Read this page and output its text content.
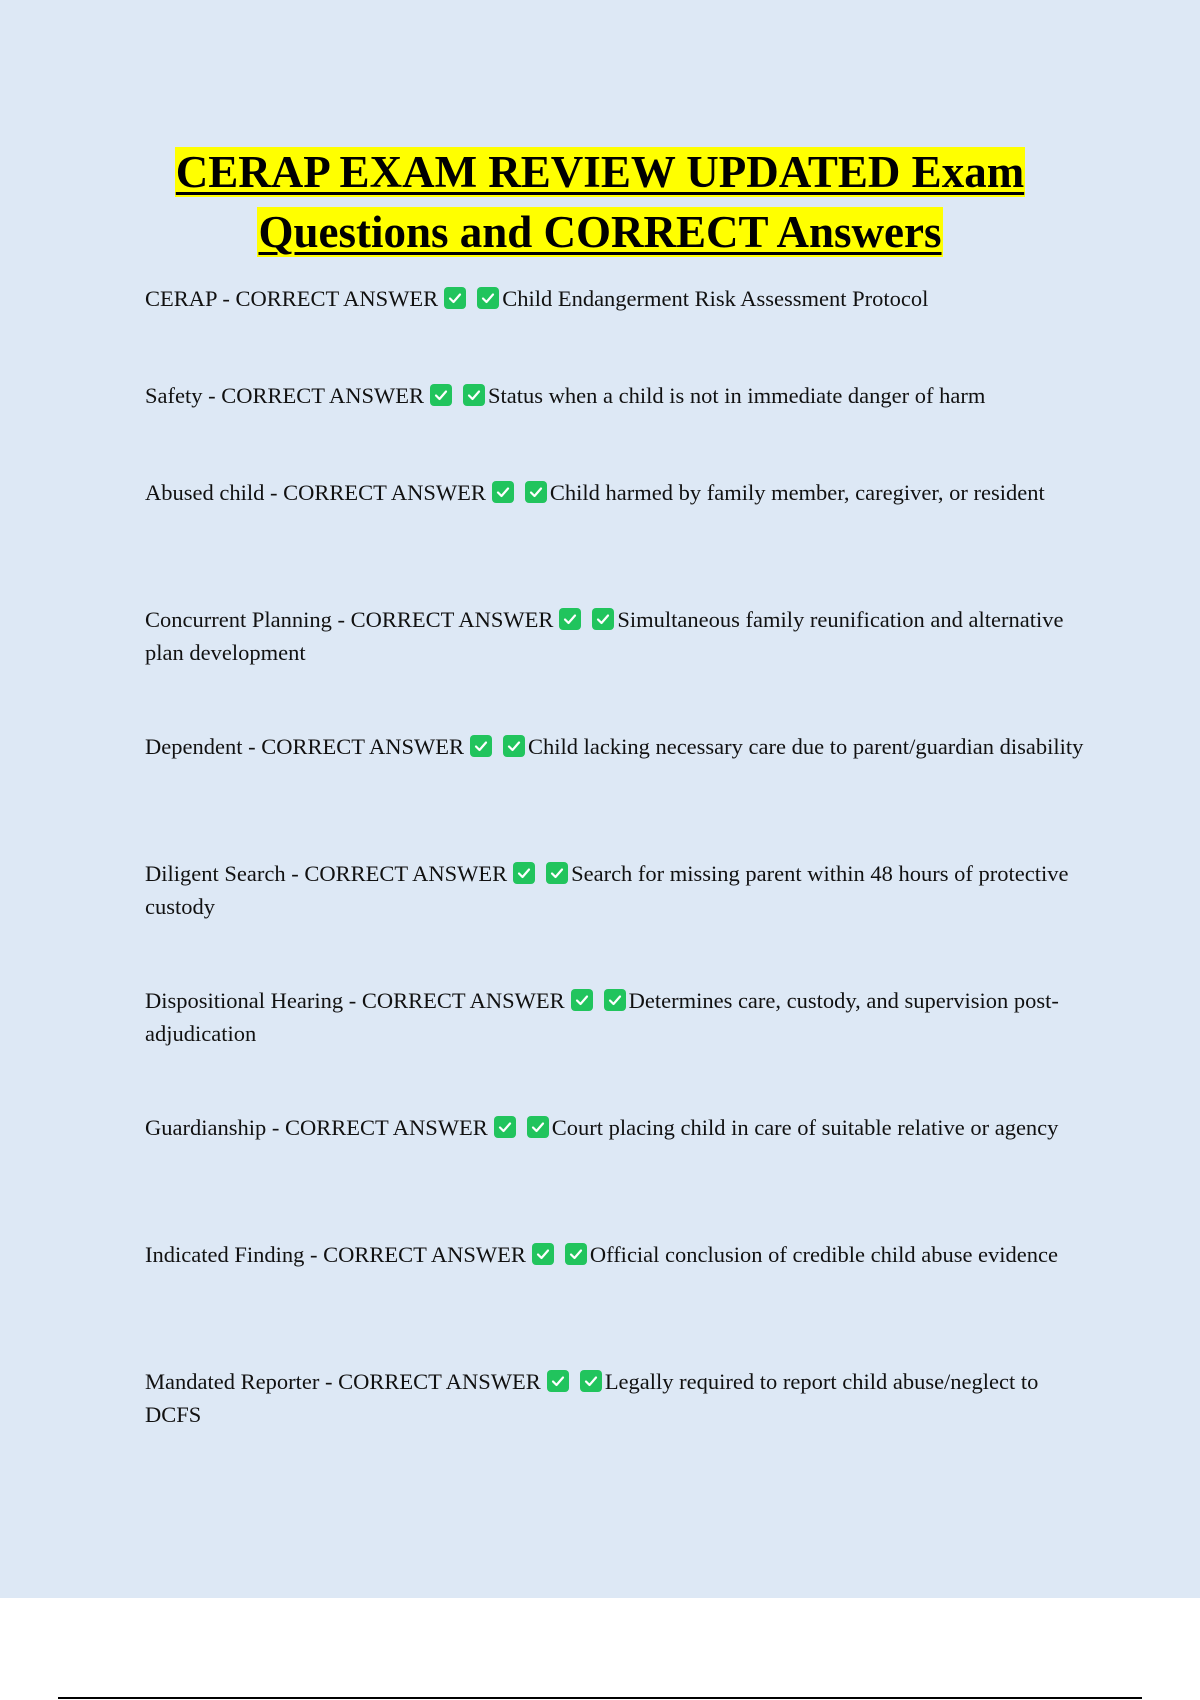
CERAP EXAM REVIEW UPDATED Exam
Questions and CORRECT Answers
CERAP - CORRECT ANSWER	Child Endangerment Risk Assessment Protocol
Safety - CORRECT ANSWER	Status when a child is not in immediate danger of harm
Abused child - CORRECT ANSWER	Child harmed by family member, caregiver, or resident
Concurrent Planning - CORRECT ANSWER	Simultaneous family reunification and alternative plan development
Dependent - CORRECT ANSWER	Child lacking necessary care due to parent/guardian disability
Diligent Search - CORRECT ANSWER	Search for missing parent within 48 hours of protective custody
Dispositional Hearing - CORRECT ANSWER	Determines care, custody, and supervision post-adjudication
Guardianship - CORRECT ANSWER	Court placing child in care of suitable relative or agency
Indicated Finding - CORRECT ANSWER	Official conclusion of credible child abuse evidence
Mandated Reporter - CORRECT ANSWER	Legally required to report child abuse/neglect to DCFS
